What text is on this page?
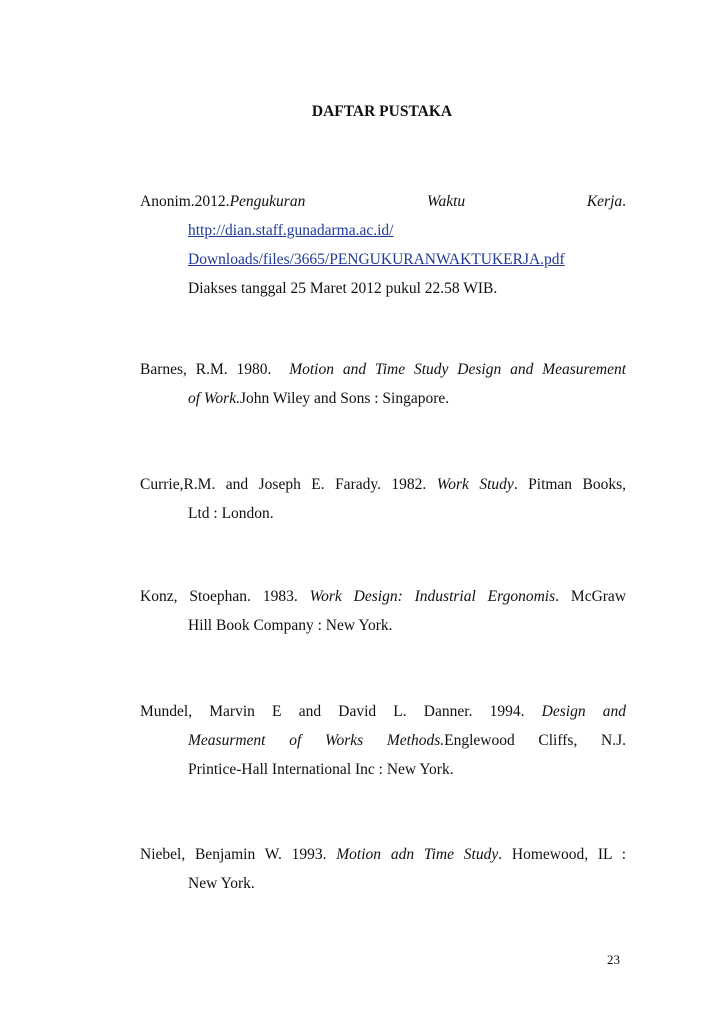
DAFTAR PUSTAKA
Anonim.2012.Pengukuran	Waktu	Kerja.
http://dian.staff.gunadarma.ac.id/
Downloads/files/3665/PENGUKURANWAKTUKERJA.pdf
Diakses tanggal 25 Maret 2012 pukul 22.58 WIB.
Barnes, R.M. 1980. Motion and Time Study Design and Measurement
of Work.John Wiley and Sons : Singapore.
Currie,R.M. and Joseph E. Farady. 1982. Work Study. Pitman Books,
Ltd : London.
Konz, Stoephan. 1983. Work Design: Industrial Ergonomis. McGraw
Hill Book Company : New York.
Mundel, Marvin E and David L. Danner. 1994. Design and
Measurment of Works Methods.Englewood Cliffs, N.J.
Printice-Hall International Inc : New York.
Niebel, Benjamin W. 1993. Motion adn Time Study. Homewood, IL :
New York.

23
